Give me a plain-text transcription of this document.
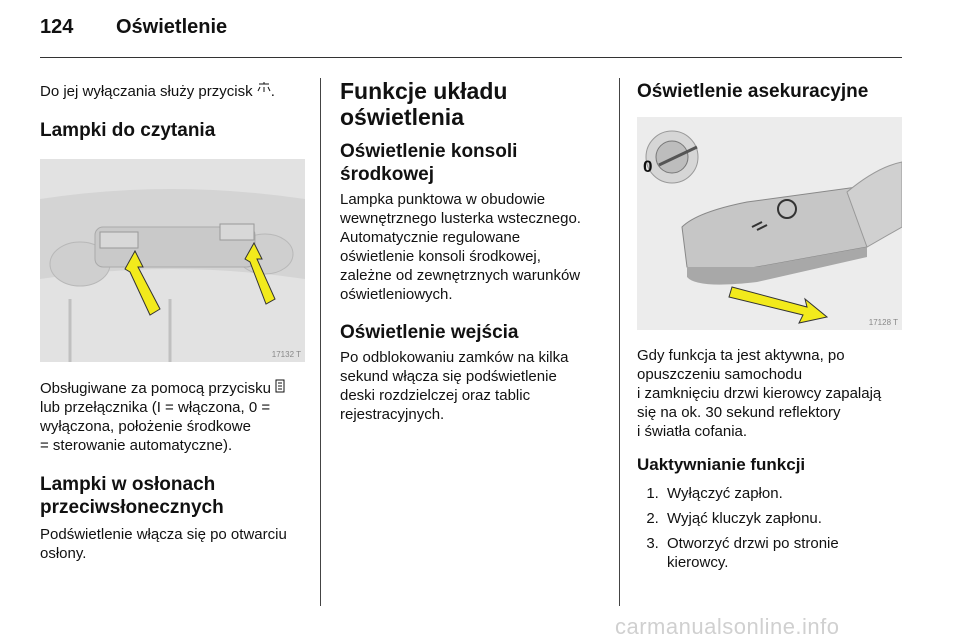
124 Oświetlenie

Do jej wyłączania służy przycisk .

Lampki do czytania
17132 T

Obsługiwane za pomocą przycisku

lub przełącznika (I = włączona, 0 =

wyłączona, położenie środkowe

= sterowanie automatyczne).

Lampki w osłonach
przeciwsłonecznych

Podświetlenie włącza się po otwarciu

osłony.

Funkcje układu
oświetlenia
Oświetlenie konsoli środkowej

Lampka punktowa w obudowie

wewnętrznego lusterka wstecznego.

Automatycznie regulowane

oświetlenie konsoli środkowej,

zależne od zewnętrznych warunków

oświetleniowych.

Oświetlenie wejścia

Po odblokowaniu zamków na kilka

sekund włącza się podświetlenie

deski rozdzielczej oraz tablic

rejestracyjnych.

Oświetlenie asekuracyjne
0
17128 T

Gdy funkcja ta jest aktywna, po

opuszczeniu samochodu

i zamknięciu drzwi kierowcy zapalają

się na ok. 30 sekund reflektory

i światła cofania.

Uaktywnianie funkcji
1. Wyłączyć zapłon.
2. Wyjąć kluczyk zapłonu.
3. Otworzyć drzwi po stronie kierowcy.
carmanualsonline.info
